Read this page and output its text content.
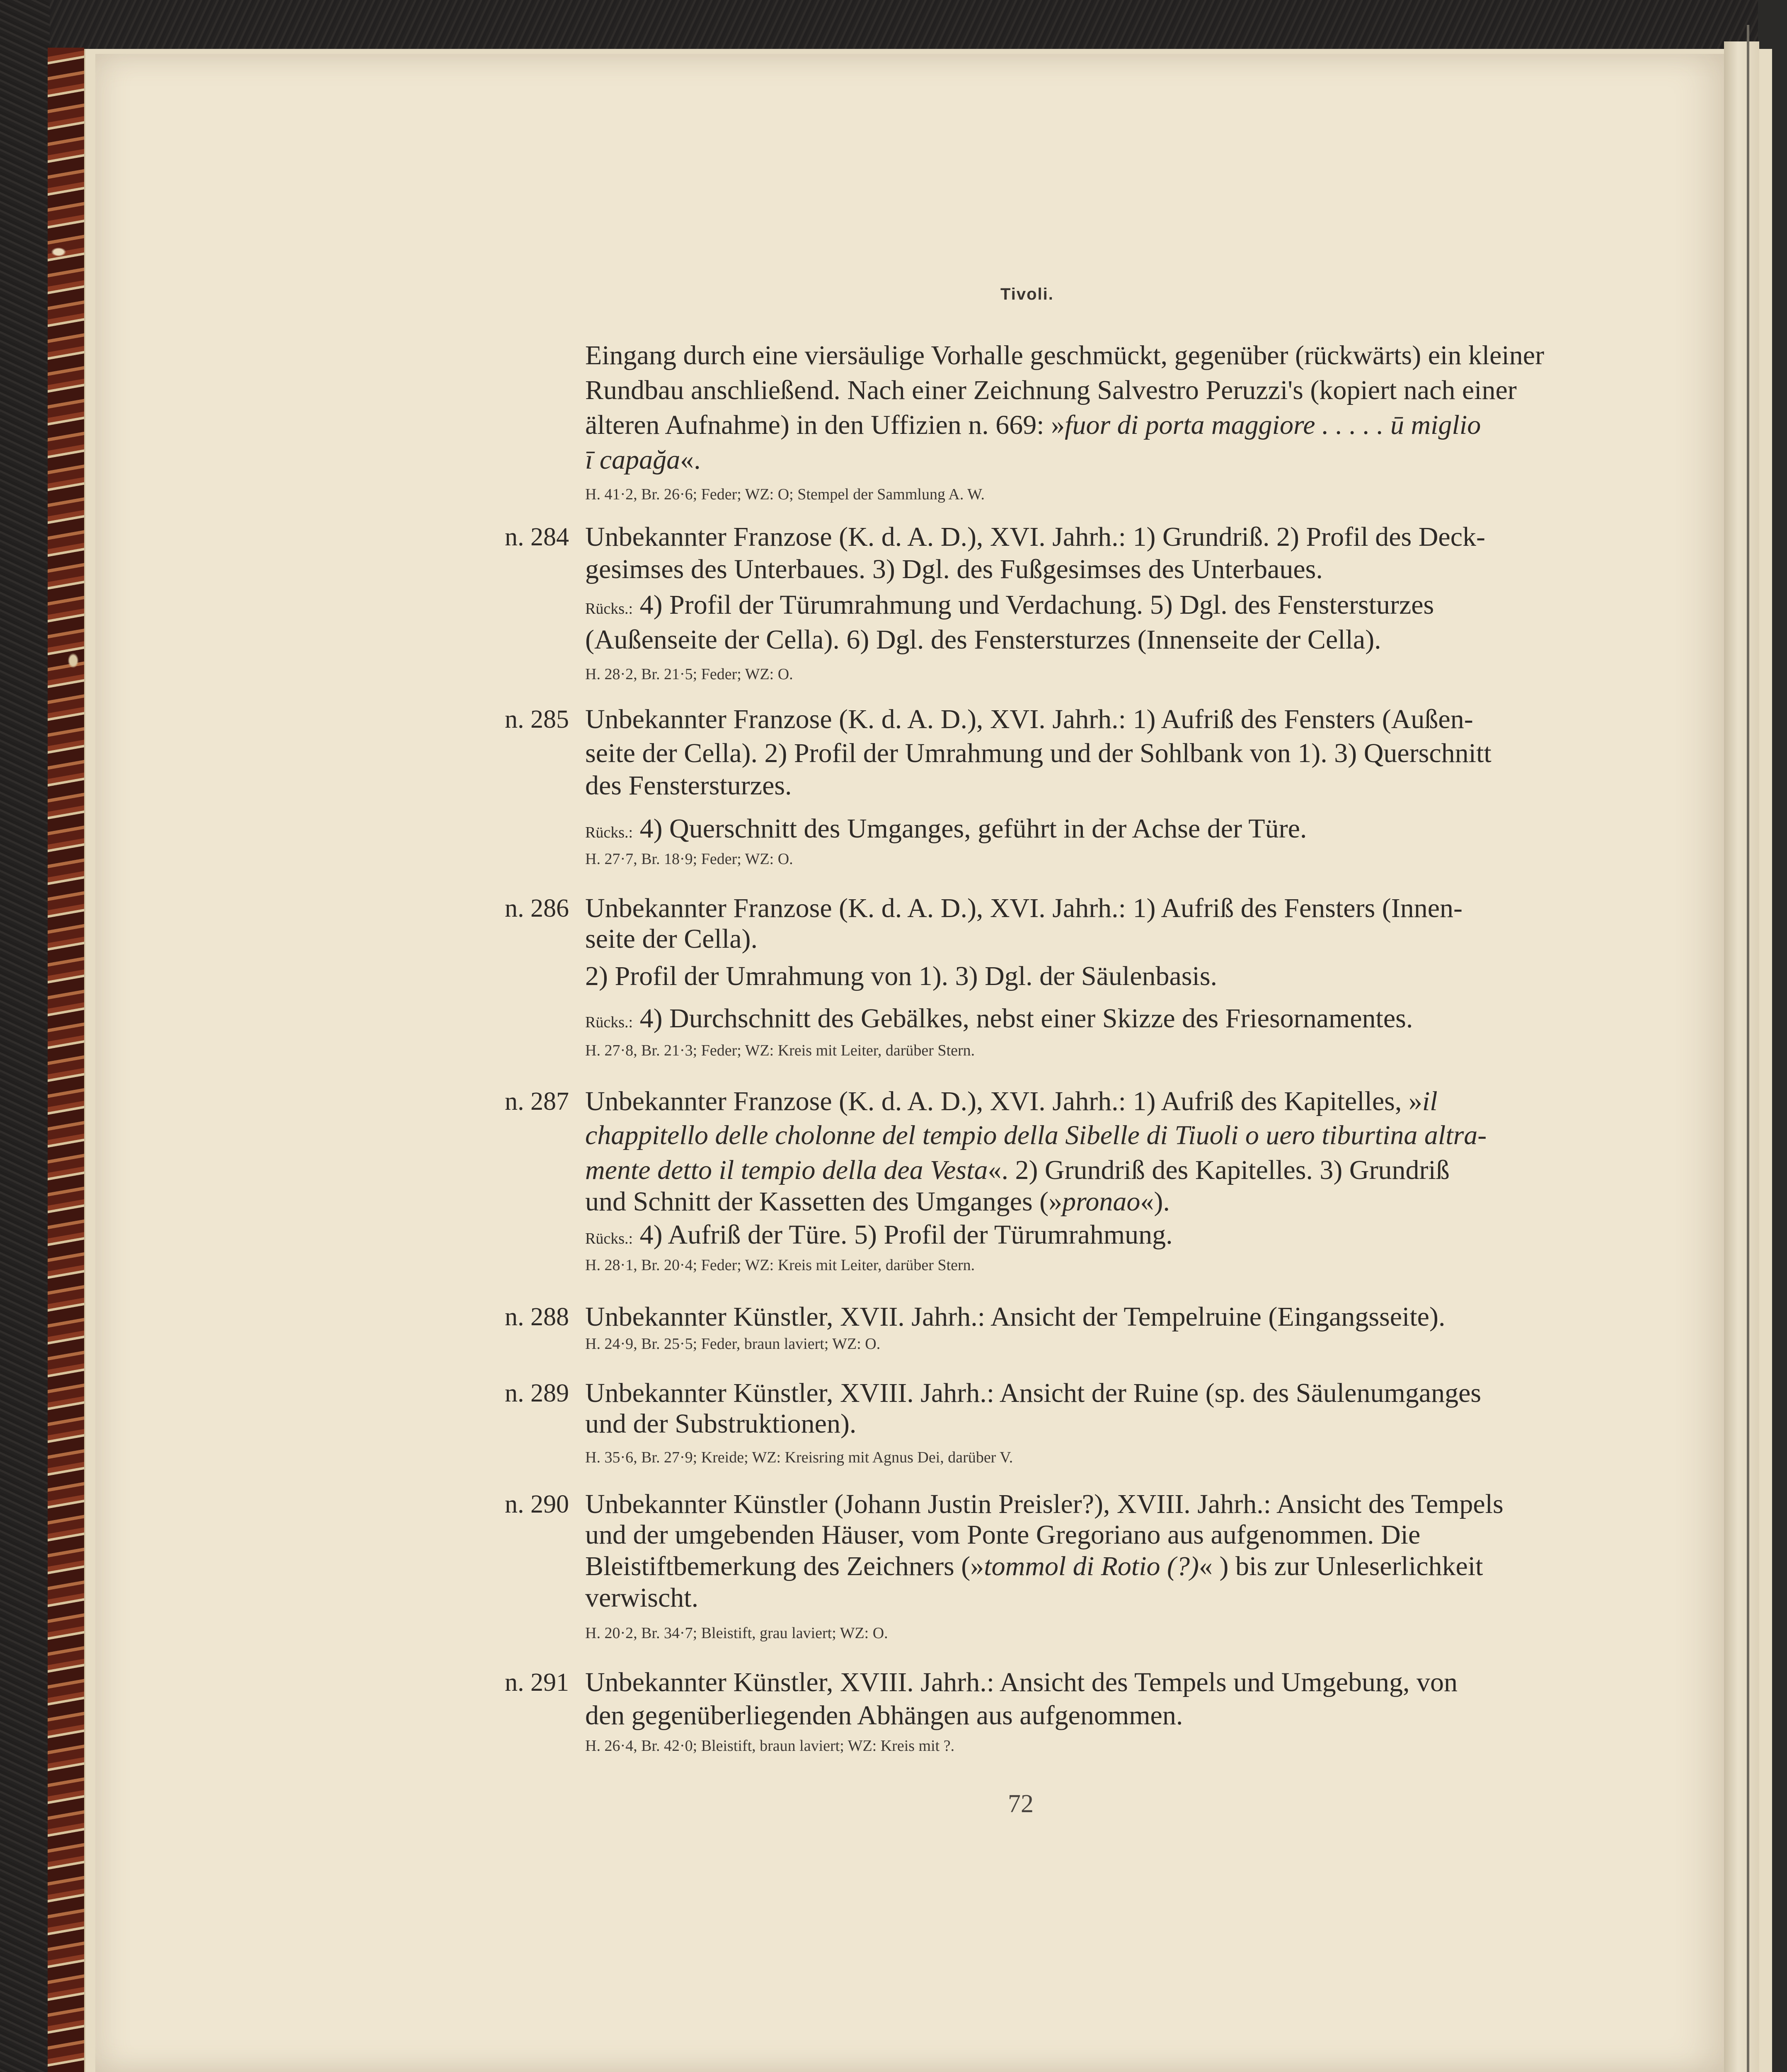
Tivoli.
Eingang durch eine viersäulige Vorhalle geschmückt, gegenüber (rückwärts) ein kleiner
Rundbau anschließend. Nach einer Zeichnung Salvestro Peruzzi's (kopiert nach einer
älteren Aufnahme) in den Uffizien n. 669: »fuor di porta maggiore . . . . . ū miglio
ī capağa«.
H. 41·2, Br. 26·6; Feder; WZ: O; Stempel der Sammlung A. W.
n. 284 Unbekannter Franzose (K. d. A. D.), XVI. Jahrh.: 1) Grundriß. 2) Profil des Deck-
gesimses des Unterbaues. 3) Dgl. des Fußgesimses des Unterbaues.
Rücks.: 4) Profil der Türumrahmung und Verdachung. 5) Dgl. des Fenstersturzes
(Außenseite der Cella). 6) Dgl. des Fenstersturzes (Innenseite der Cella).
H. 28·2, Br. 21·5; Feder; WZ: O.
n. 285 Unbekannter Franzose (K. d. A. D.), XVI. Jahrh.: 1) Aufriß des Fensters (Außen-
seite der Cella). 2) Profil der Umrahmung und der Sohlbank von 1). 3) Querschnitt
des Fenstersturzes.
Rücks.: 4) Querschnitt des Umganges, geführt in der Achse der Türe.
H. 27·7, Br. 18·9; Feder; WZ: O.
n. 286 Unbekannter Franzose (K. d. A. D.), XVI. Jahrh.: 1) Aufriß des Fensters (Innen-
seite der Cella).
2) Profil der Umrahmung von 1). 3) Dgl. der Säulenbasis.
Rücks.: 4) Durchschnitt des Gebälkes, nebst einer Skizze des Friesornamentes.
H. 27·8, Br. 21·3; Feder; WZ: Kreis mit Leiter, darüber Stern.
n. 287 Unbekannter Franzose (K. d. A. D.), XVI. Jahrh.: 1) Aufriß des Kapitelles, »il
chappitello delle cholonne del tempio della Sibelle di Tiuoli o uero tiburtina altra-
mente detto il tempio della dea Vesta«. 2) Grundriß des Kapitelles. 3) Grundriß
und Schnitt der Kassetten des Umganges (»pronao«).
Rücks.: 4) Aufriß der Türe. 5) Profil der Türumrahmung.
H. 28·1, Br. 20·4; Feder; WZ: Kreis mit Leiter, darüber Stern.
n. 288 Unbekannter Künstler, XVII. Jahrh.: Ansicht der Tempelruine (Eingangsseite).
H. 24·9, Br. 25·5; Feder, braun laviert; WZ: O.
n. 289 Unbekannter Künstler, XVIII. Jahrh.: Ansicht der Ruine (sp. des Säulenumganges
und der Substruktionen).
H. 35·6, Br. 27·9; Kreide; WZ: Kreisring mit Agnus Dei, darüber V.
n. 290 Unbekannter Künstler (Johann Justin Preisler?), XVIII. Jahrh.: Ansicht des Tempels
und der umgebenden Häuser, vom Ponte Gregoriano aus aufgenommen. Die
Bleistiftbemerkung des Zeichners (»tommol di Rotio (?)« ) bis zur Unleserlichkeit
verwischt.
H. 20·2, Br. 34·7; Bleistift, grau laviert; WZ: O.
n. 291 Unbekannter Künstler, XVIII. Jahrh.: Ansicht des Tempels und Umgebung, von
den gegenüberliegenden Abhängen aus aufgenommen.
H. 26·4, Br. 42·0; Bleistift, braun laviert; WZ: Kreis mit ?.
72
